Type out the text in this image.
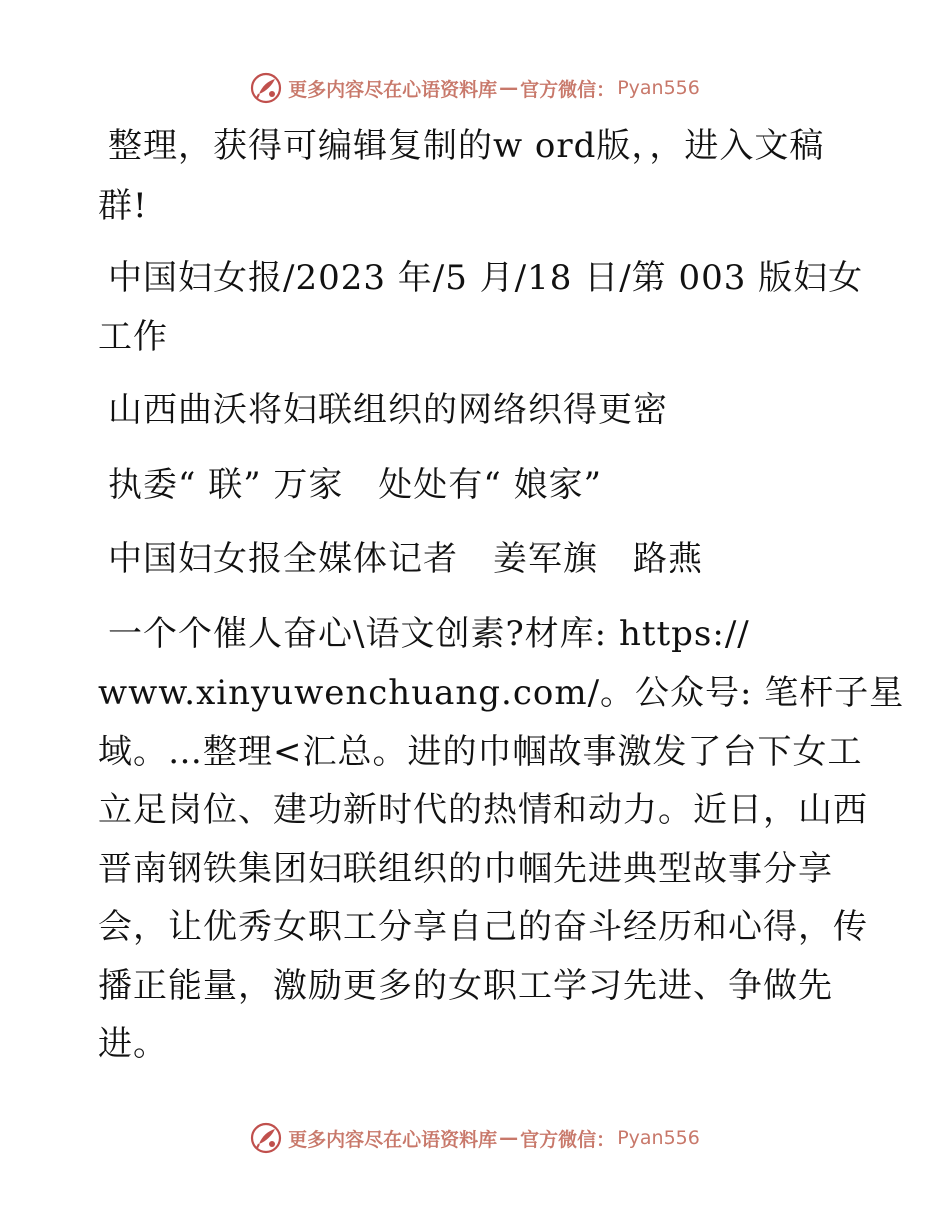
更多内容尽在心语资料库 — 官方微信： Pyan556
整理，获得可编辑复制的w ord版，，进入文稿
群!
中国妇女报/2023 年/5 月/18 日/第 003 版妇女
工作
山西曲沃将妇联组织的网络织得更密
执委“ 联” 万家　处处有“ 娘家”
中国妇女报全媒体记者　姜军旗　路燕
一个个催人奋心\语文创素?材库: https://
www.xinyuwenchuang.com/。公众号: 笔杆子星
域。…整理<汇总。进的巾帼故事激发了台下女工
立足岗位、建功新时代的热情和动力。近日，山西
晋南钢铁集团妇联组织的巾帼先进典型故事分享
会，让优秀女职工分享自己的奋斗经历和心得，传
播正能量，激励更多的女职工学习先进、争做先
进。
更多内容尽在心语资料库 — 官方微信： Pyan556
